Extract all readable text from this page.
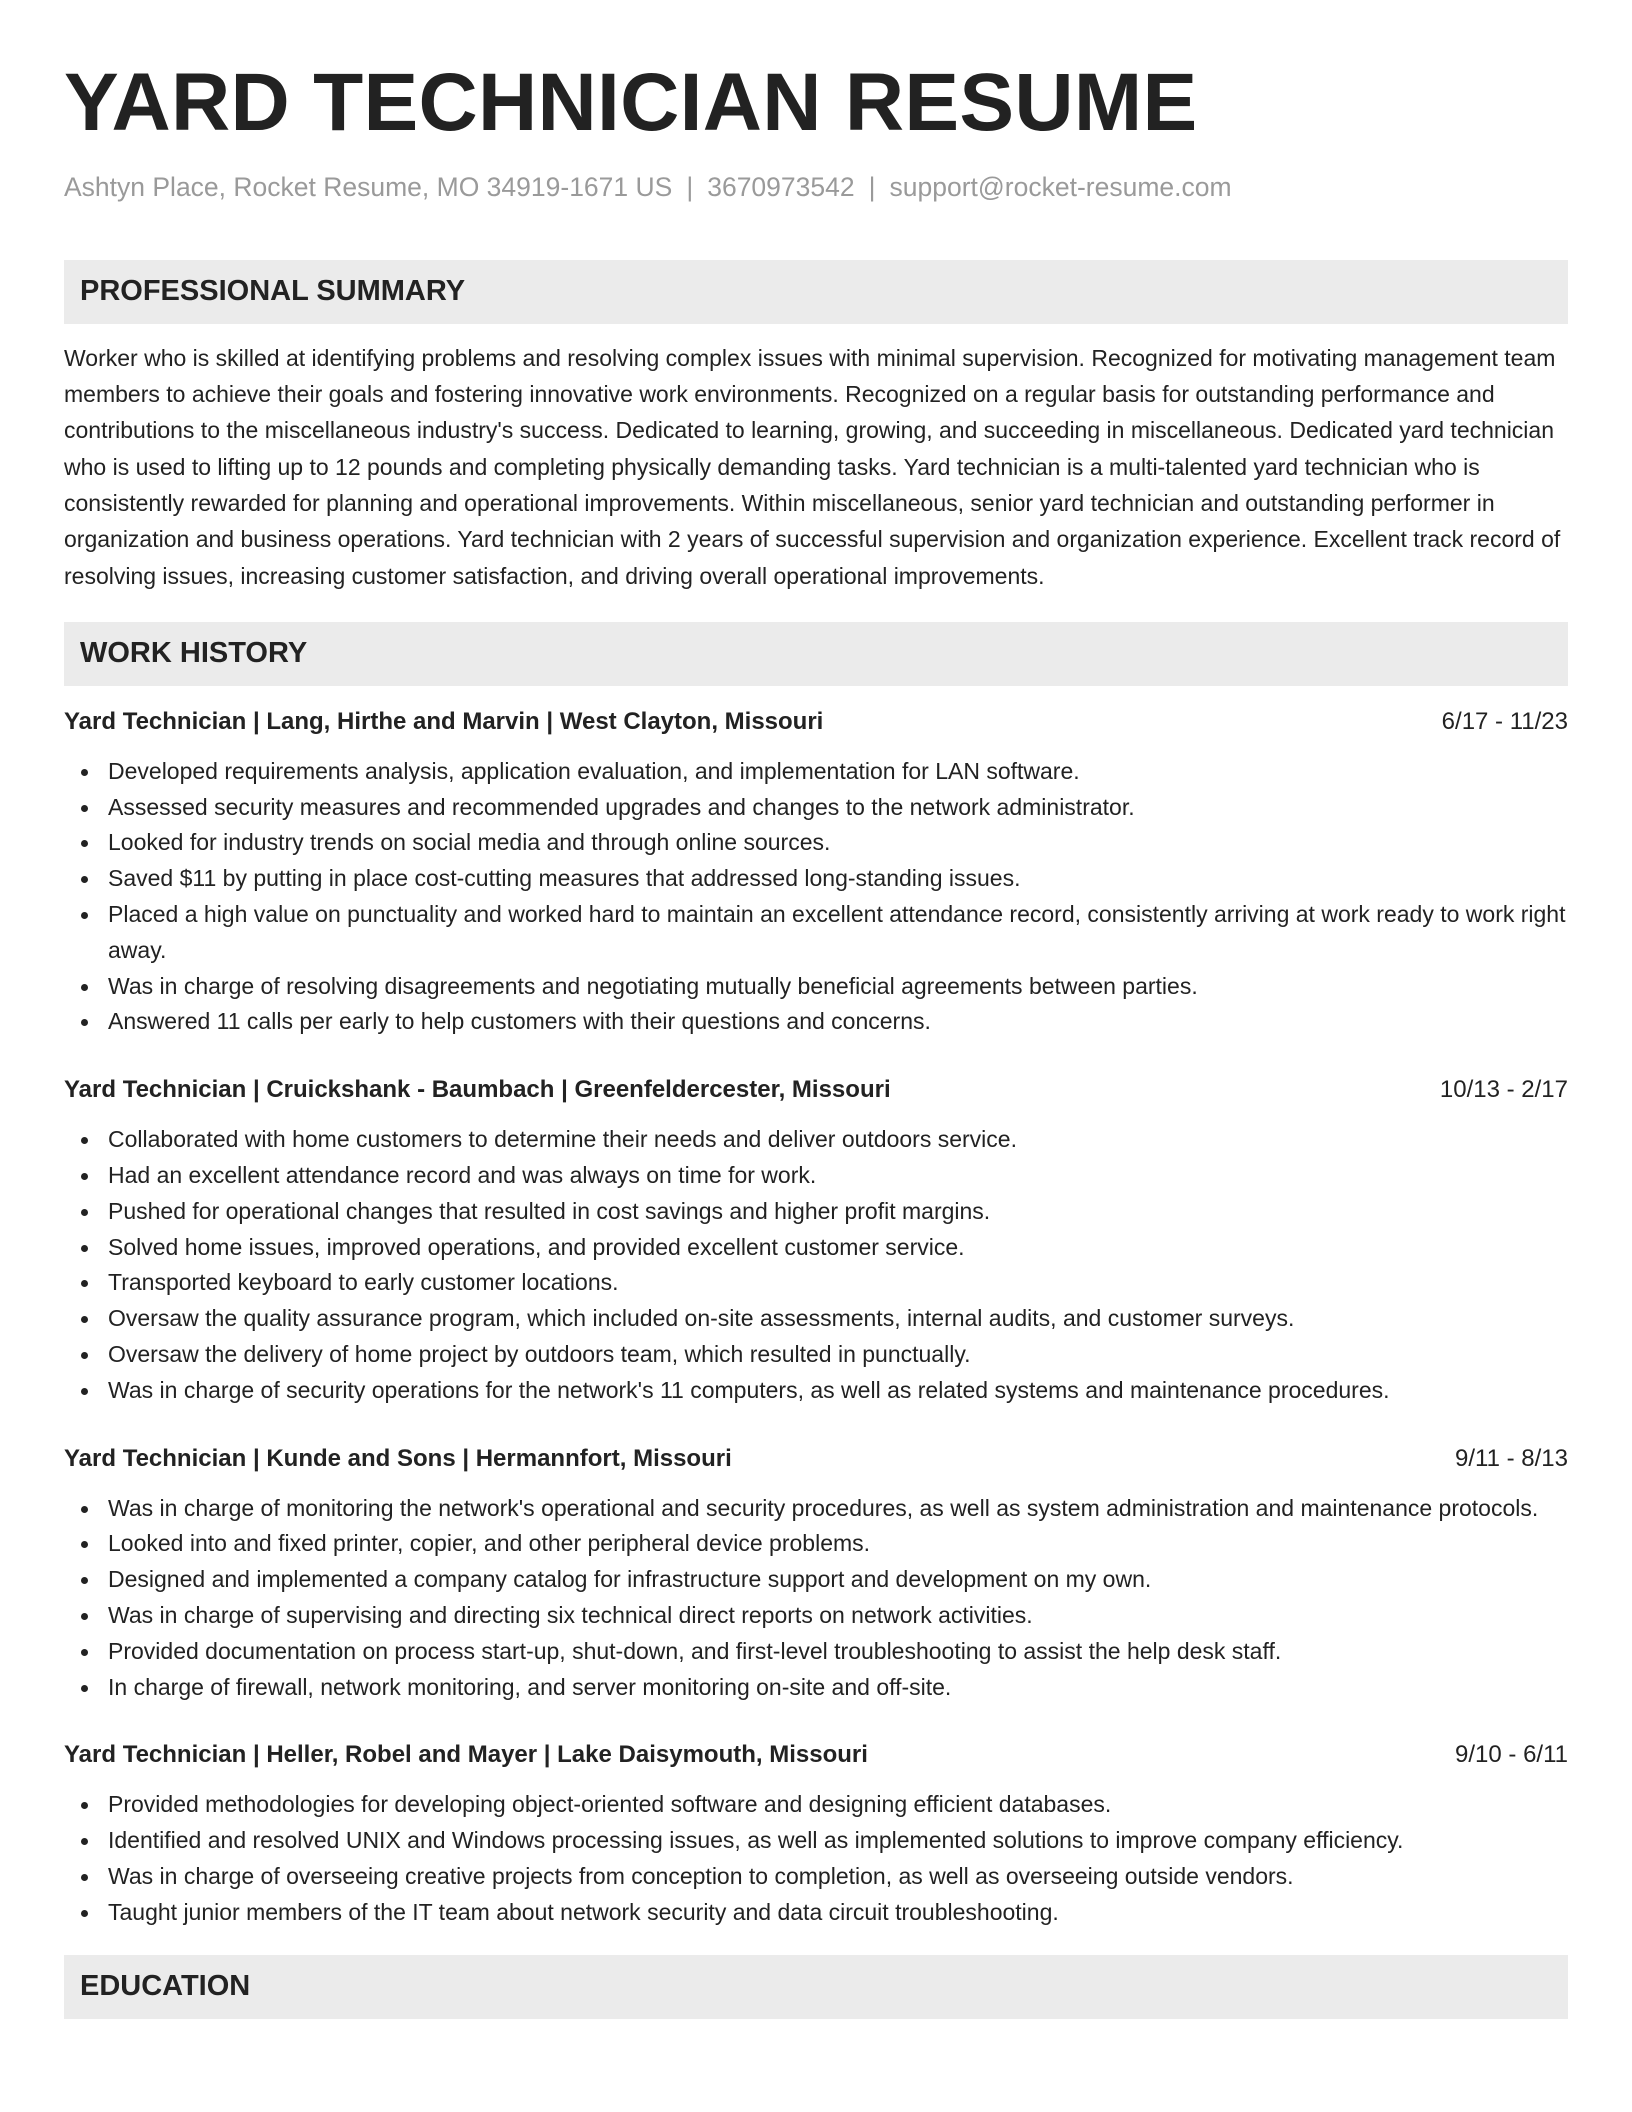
YARD TECHNICIAN RESUME
Ashtyn Place, Rocket Resume, MO 34919-1671 US | 3670973542 | support@rocket-resume.com
PROFESSIONAL SUMMARY

Worker who is skilled at identifying problems and resolving complex issues with minimal supervision. Recognized for motivating management team members to achieve their goals and fostering innovative work environments. Recognized on a regular basis for outstanding performance and contributions to the miscellaneous industry's success. Dedicated to learning, growing, and succeeding in miscellaneous. Dedicated yard technician who is used to lifting up to 12 pounds and completing physically demanding tasks. Yard technician is a multi-talented yard technician who is consistently rewarded for planning and operational improvements. Within miscellaneous, senior yard technician and outstanding performer in organization and business operations. Yard technician with 2 years of successful supervision and organization experience. Excellent track record of resolving issues, increasing customer satisfaction, and driving overall operational improvements.

WORK HISTORY
Yard Technician | Lang, Hirthe and Marvin | West Clayton, Missouri	6/17 - 11/23
Developed requirements analysis, application evaluation, and implementation for LAN software.
Assessed security measures and recommended upgrades and changes to the network administrator.
Looked for industry trends on social media and through online sources.
Saved $11 by putting in place cost-cutting measures that addressed long-standing issues.
Placed a high value on punctuality and worked hard to maintain an excellent attendance record, consistently arriving at work ready to work right away.
Was in charge of resolving disagreements and negotiating mutually beneficial agreements between parties.
Answered 11 calls per early to help customers with their questions and concerns.
Yard Technician | Cruickshank - Baumbach | Greenfeldercester, Missouri	10/13 - 2/17
Collaborated with home customers to determine their needs and deliver outdoors service.
Had an excellent attendance record and was always on time for work.
Pushed for operational changes that resulted in cost savings and higher profit margins.
Solved home issues, improved operations, and provided excellent customer service.
Transported keyboard to early customer locations.
Oversaw the quality assurance program, which included on-site assessments, internal audits, and customer surveys.
Oversaw the delivery of home project by outdoors team, which resulted in punctually.
Was in charge of security operations for the network's 11 computers, as well as related systems and maintenance procedures.
Yard Technician | Kunde and Sons | Hermannfort, Missouri	9/11 - 8/13
Was in charge of monitoring the network's operational and security procedures, as well as system administration and maintenance protocols.
Looked into and fixed printer, copier, and other peripheral device problems.
Designed and implemented a company catalog for infrastructure support and development on my own.
Was in charge of supervising and directing six technical direct reports on network activities.
Provided documentation on process start-up, shut-down, and first-level troubleshooting to assist the help desk staff.
In charge of firewall, network monitoring, and server monitoring on-site and off-site.
Yard Technician | Heller, Robel and Mayer | Lake Daisymouth, Missouri	9/10 - 6/11
Provided methodologies for developing object-oriented software and designing efficient databases.
Identified and resolved UNIX and Windows processing issues, as well as implemented solutions to improve company efficiency.
Was in charge of overseeing creative projects from conception to completion, as well as overseeing outside vendors.
Taught junior members of the IT team about network security and data circuit troubleshooting.
EDUCATION
